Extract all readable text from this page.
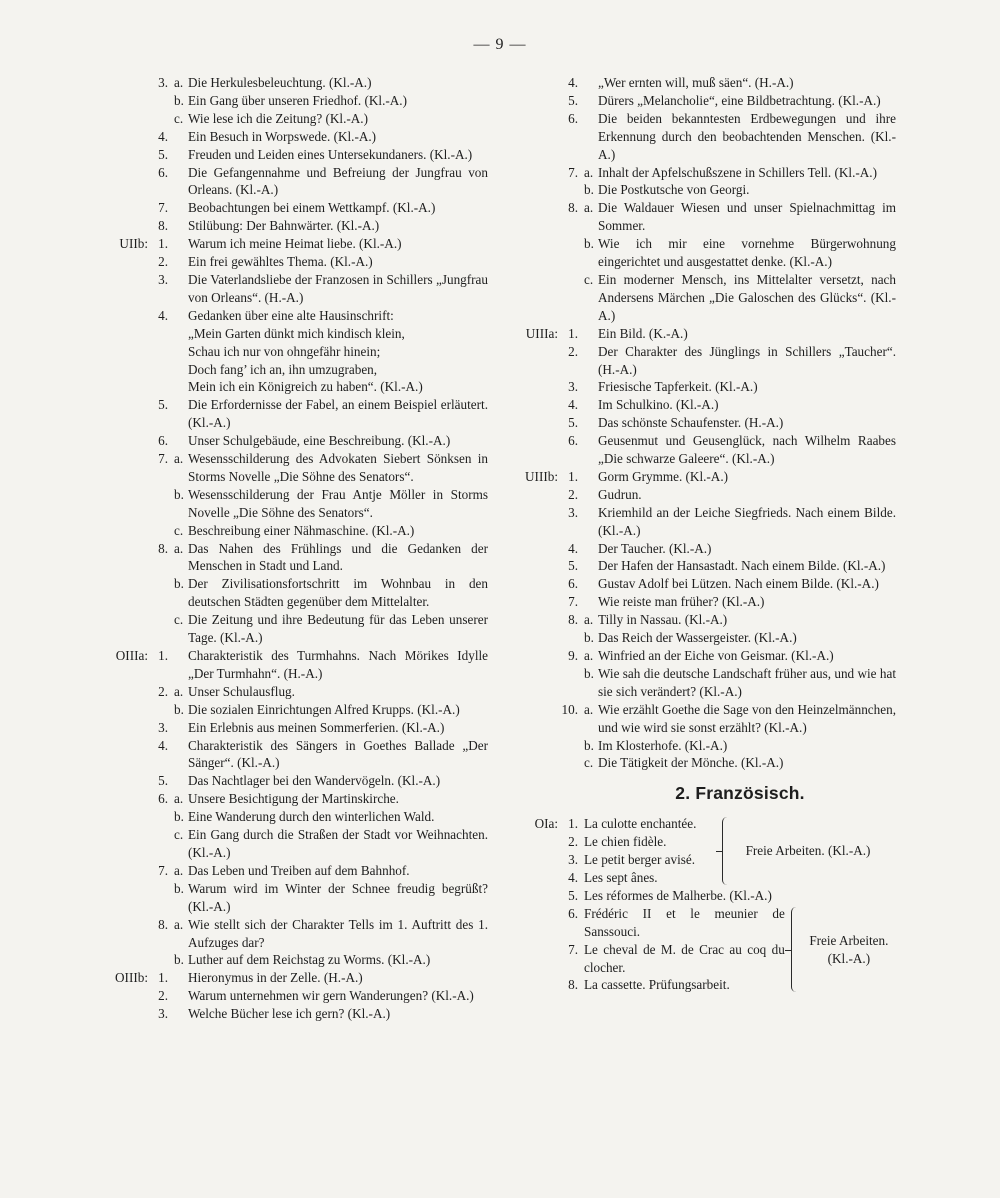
— 9 —
3. a. Die Herkulesbeleuchtung. (Kl.-A.)
b. Ein Gang über unseren Friedhof. (Kl.-A.)
c. Wie lese ich die Zeitung? (Kl.-A.)
4.	Ein Besuch in Worpswede. (Kl.-A.)
5.	Freuden und Leiden eines Untersekundaners. (Kl.-A.)
6.	Die Gefangennahme und Befreiung der Jungfrau von Orleans. (Kl.-A.)
7.	Beobachtungen bei einem Wettkampf. (Kl.-A.)
8.	Stilübung: Der Bahnwärter. (Kl.-A.)
UIIb: 1.	Warum ich meine Heimat liebe. (Kl.-A.)
2.	Ein frei gewähltes Thema. (Kl.-A.)
3.	Die Vaterlandsliebe der Franzosen in Schillers „Jungfrau von Orleans“. (H.-A.)
4.	Gedanken über eine alte Hausinschrift:
„Mein Garten dünkt mich kindisch klein,
Schau ich nur von ohngefähr hinein;
Doch fang’ ich an, ihn umzugraben,
Mein ich ein Königreich zu haben“. (Kl.-A.)
5.	Die Erfordernisse der Fabel, an einem Beispiel erläutert. (Kl.-A.)
6.	Unser Schulgebäude, eine Beschreibung. (Kl.-A.)
7. a. Wesensschilderung des Advokaten Siebert Sönksen in Storms Novelle „Die Söhne des Senators“.
b. Wesensschilderung der Frau Antje Möller in Storms Novelle „Die Söhne des Senators“.
c. Beschreibung einer Nähmaschine. (Kl.-A.)
8. a. Das Nahen des Frühlings und die Gedanken der Menschen in Stadt und Land.
b. Der Zivilisationsfortschritt im Wohnbau in den deutschen Städten gegenüber dem Mittelalter.
c. Die Zeitung und ihre Bedeutung für das Leben unserer Tage. (Kl.-A.)
OIIIa: 1.	Charakteristik des Turmhahns. Nach Mörikes Idylle „Der Turmhahn“. (H.-A.)
2. a. Unser Schulausflug.
b. Die sozialen Einrichtungen Alfred Krupps. (Kl.-A.)
3.	Ein Erlebnis aus meinen Sommerferien. (Kl.-A.)
4.	Charakteristik des Sängers in Goethes Ballade „Der Sänger“. (Kl.-A.)
5.	Das Nachtlager bei den Wandervögeln. (Kl.-A.)
6. a. Unsere Besichtigung der Martinskirche.
b. Eine Wanderung durch den winterlichen Wald.
c. Ein Gang durch die Straßen der Stadt vor Weihnachten. (Kl.-A.)
7. a. Das Leben und Treiben auf dem Bahnhof.
b. Warum wird im Winter der Schnee freudig begrüßt? (Kl.-A.)
8. a. Wie stellt sich der Charakter Tells im 1. Auftritt des 1. Aufzuges dar?
b. Luther auf dem Reichstag zu Worms. (Kl.-A.)
OIIIb: 1.	Hieronymus in der Zelle. (H.-A.)
2.	Warum unternehmen wir gern Wanderungen? (Kl.-A.)
3.	Welche Bücher lese ich gern? (Kl.-A.)
4.	„Wer ernten will, muß säen“. (H.-A.)
5.	Dürers „Melancholie“, eine Bildbetrachtung. (Kl.-A.)
6.	Die beiden bekanntesten Erdbewegungen und ihre Erkennung durch den beobachtenden Menschen. (Kl.-A.)
7. a. Inhalt der Apfelschußszene in Schillers Tell. (Kl.-A.)
b. Die Postkutsche von Georgi.
8. a. Die Waldauer Wiesen und unser Spielnachmittag im Sommer.
b. Wie ich mir eine vornehme Bürgerwohnung eingerichtet und ausgestattet denke. (Kl.-A.)
c. Ein moderner Mensch, ins Mittelalter versetzt, nach Andersens Märchen „Die Galoschen des Glücks“. (Kl.-A.)
UIIIa: 1.	Ein Bild. (K.-A.)
2.	Der Charakter des Jünglings in Schillers „Taucher“. (H.-A.)
3.	Friesische Tapferkeit. (Kl.-A.)
4.	Im Schulkino. (Kl.-A.)
5.	Das schönste Schaufenster. (H.-A.)
6.	Geusenmut und Geusenglück, nach Wilhelm Raabes „Die schwarze Galeere“. (Kl.-A.)
UIIIb: 1.	Gorm Grymme. (Kl.-A.)
2.	Gudrun.
3.	Kriemhild an der Leiche Siegfrieds. Nach einem Bilde. (Kl.-A.)
4.	Der Taucher. (Kl.-A.)
5.	Der Hafen der Hansastadt. Nach einem Bilde. (Kl.-A.)
6.	Gustav Adolf bei Lützen. Nach einem Bilde. (Kl.-A.)
7.	Wie reiste man früher? (Kl.-A.)
8. a. Tilly in Nassau. (Kl.-A.)
b. Das Reich der Wassergeister. (Kl.-A.)
9. a. Winfried an der Eiche von Geismar. (Kl.-A.)
b. Wie sah die deutsche Landschaft früher aus, und wie hat sie sich verändert? (Kl.-A.)
10. a. Wie erzählt Goethe die Sage von den Heinzelmännchen, und wie wird sie sonst erzählt? (Kl.-A.)
b. Im Klosterhofe. (Kl.-A.)
c. Die Tätigkeit der Mönche. (Kl.-A.)
2. Französisch.
OIa: 1. La culotte enchantée.
2. Le chien fidèle.
3. Le petit berger avisé.
4. Les sept ânes.
Freie Arbeiten. (Kl.-A.)
5. Les réformes de Malherbe. (Kl.-A.)
6. Frédéric II et le meunier de Sanssouci.
7. Le cheval de M. de Crac au coq du clocher.
8. La cassette. Prüfungsarbeit.
Freie Arbeiten.
(Kl.-A.)
